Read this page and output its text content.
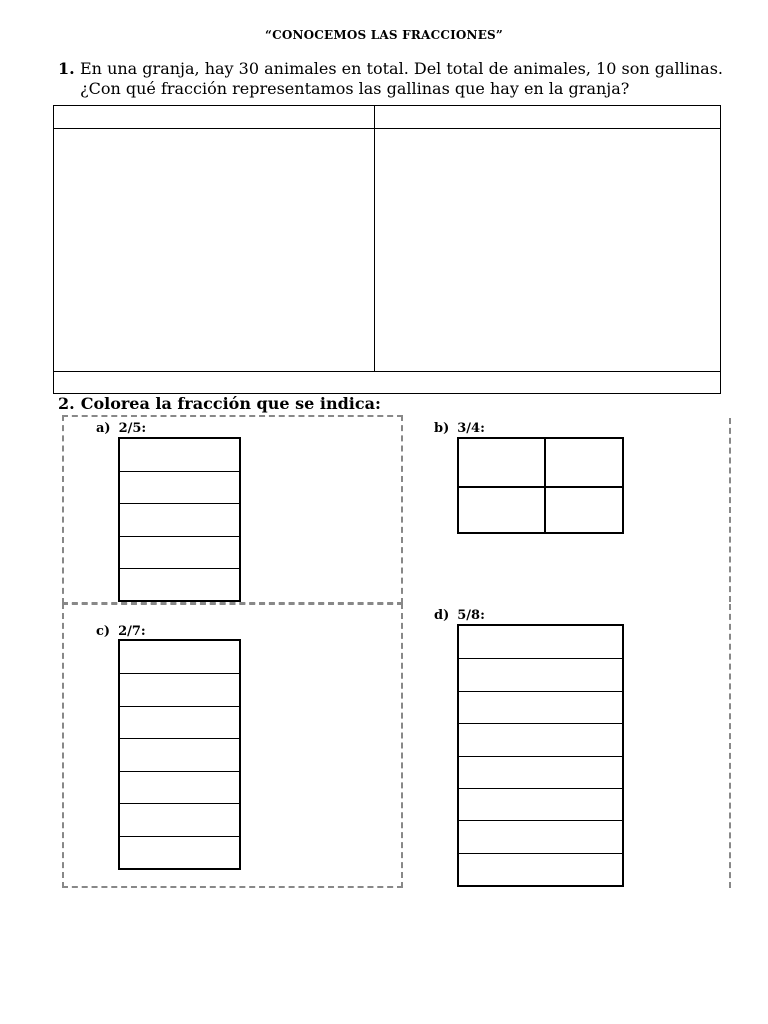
“CONOCEMOS LAS FRACCIONES”
1. En una granja, hay 30 animales en total. Del total de animales, 10 son gallinas. ¿Con qué fracción representamos las gallinas que hay en la granja?
2. Colorea la fracción que se indica:
a) 2/5:	b) 3/4:
c) 2/7:
d) 5/8:
